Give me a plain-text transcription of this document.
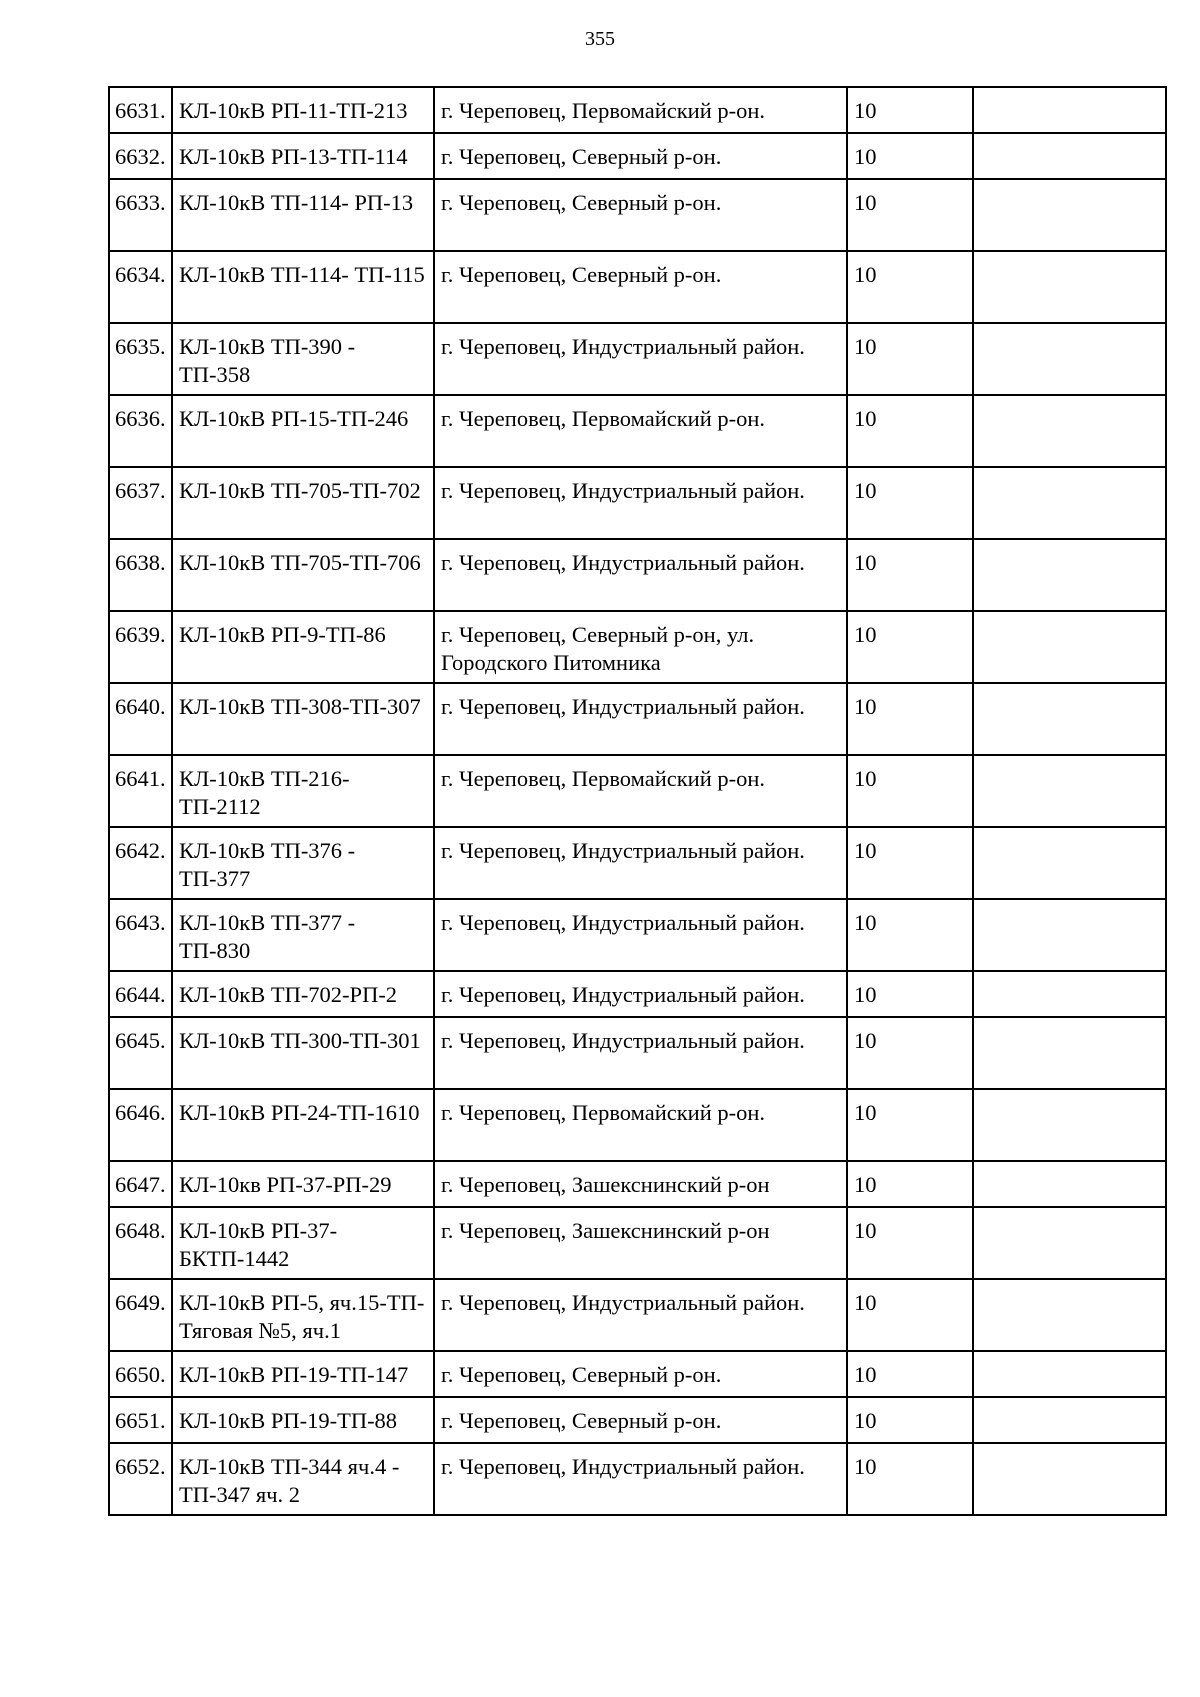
355
6631.	КЛ-10кВ РП-11-ТП-213	г. Череповец, Первомайский р-он.	10	
6632.	КЛ-10кВ РП-13-ТП-114	г. Череповец, Северный р-он.	10	
6633.	КЛ-10кВ ТП-114- РП-13	г. Череповец, Северный р-он.	10	
6634.	КЛ-10кВ ТП-114- ТП-115	г. Череповец, Северный р-он.	10	
6635.	КЛ-10кВ ТП-390 - ТП-358	г. Череповец, Индустриальный район.	10	
6636.	КЛ-10кВ РП-15-ТП-246	г. Череповец, Первомайский р-он.	10	
6637.	КЛ-10кВ ТП-705-ТП-702	г. Череповец, Индустриальный район.	10	
6638.	КЛ-10кВ ТП-705-ТП-706	г. Череповец, Индустриальный район.	10	
6639.	КЛ-10кВ РП-9-ТП-86	г. Череповец, Северный р-он, ул. Городского Питомника	10	
6640.	КЛ-10кВ ТП-308-ТП-307	г. Череповец, Индустриальный район.	10	
6641.	КЛ-10кВ ТП-216-ТП-2112	г. Череповец, Первомайский р-он.	10	
6642.	КЛ-10кВ ТП-376 - ТП-377	г. Череповец, Индустриальный район.	10	
6643.	КЛ-10кВ ТП-377 - ТП-830	г. Череповец, Индустриальный район.	10	
6644.	КЛ-10кВ ТП-702-РП-2	г. Череповец, Индустриальный район.	10	
6645.	КЛ-10кВ ТП-300-ТП-301	г. Череповец, Индустриальный район.	10	
6646.	КЛ-10кВ РП-24-ТП-1610	г. Череповец, Первомайский р-он.	10	
6647.	КЛ-10кв РП-37-РП-29	г. Череповец, Зашекснинский р-он	10	
6648.	КЛ-10кВ РП-37-БКТП-1442	г. Череповец, Зашекснинский р-он	10	
6649.	КЛ-10кВ РП-5, яч.15-ТП- Тяговая №5, яч.1	г. Череповец, Индустриальный район.	10	
6650.	КЛ-10кВ РП-19-ТП-147	г. Череповец, Северный р-он.	10	
6651.	КЛ-10кВ РП-19-ТП-88	г. Череповец, Северный р-он.	10	
6652.	КЛ-10кВ ТП-344 яч.4 - ТП-347 яч. 2	г. Череповец, Индустриальный район.	10	
